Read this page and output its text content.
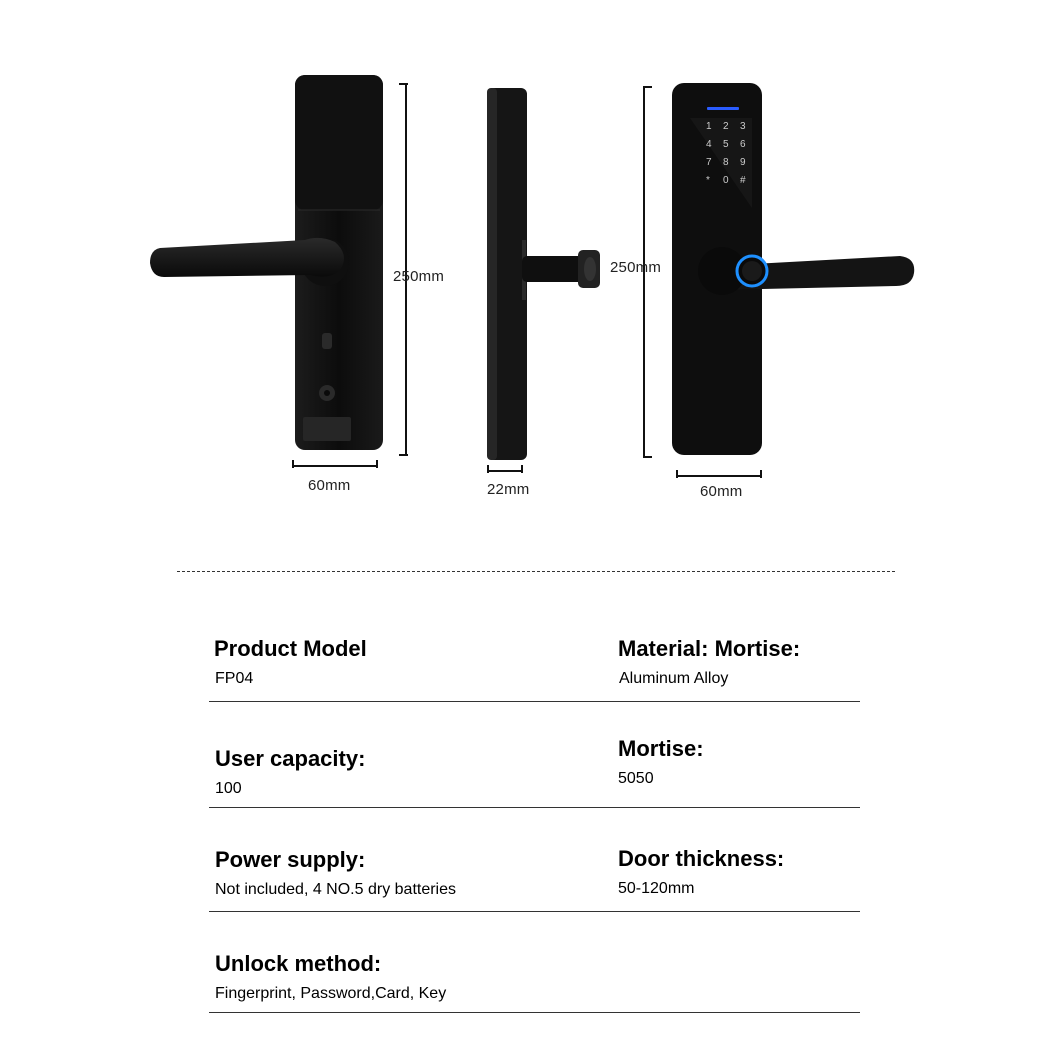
1 2 3
4 5 6
7 8 9
* 0 #
250mm
60mm	22mm
250mm
60mm
Product Model
FP04
Material: Mortise:
Aluminum Alloy
User capacity:
100
Mortise:
5050
Power supply:
Not included, 4 NO.5 dry batteries
Door thickness:
50-120mm
Unlock method:
Fingerprint, Password,Card, Key
